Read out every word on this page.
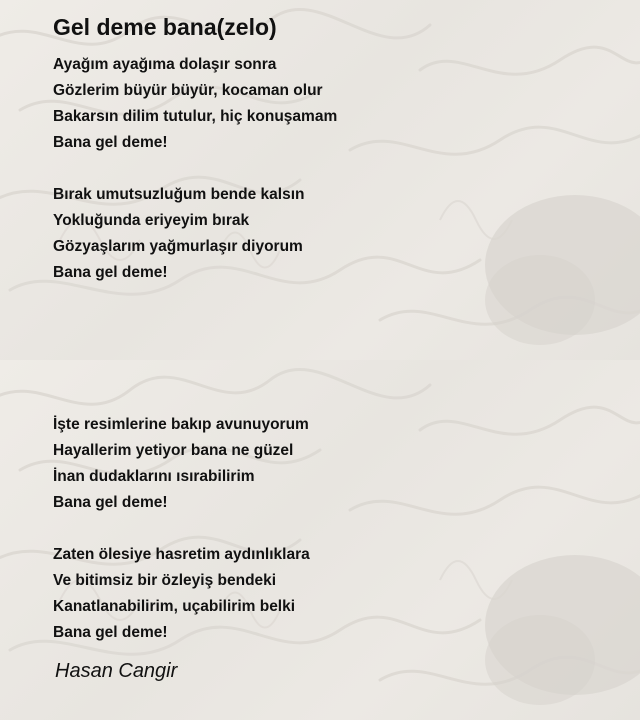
Gel deme bana(zelo)

Ayağım ayağıma dolaşır sonra
Gözlerim büyür büyür, kocaman olur
Bakarsın dilim tutulur, hiç konuşamam
Bana gel deme!

Bırak umutsuzluğum bende kalsın
Yokluğunda eriyeyim bırak
Gözyaşlarım yağmurlaşır diyorum
Bana gel deme!

İşte resimlerine bakıp avunuyorum
Hayallerim yetiyor bana ne güzel
İnan dudaklarını ısırabilirim
Bana gel deme!

Zaten ölesiye hasretim aydınlıklara
Ve bitimsiz bir özleyiş bendeki
Kanatlanabilirim, uçabilirim belki
Bana gel deme!

Hasan Cangir
